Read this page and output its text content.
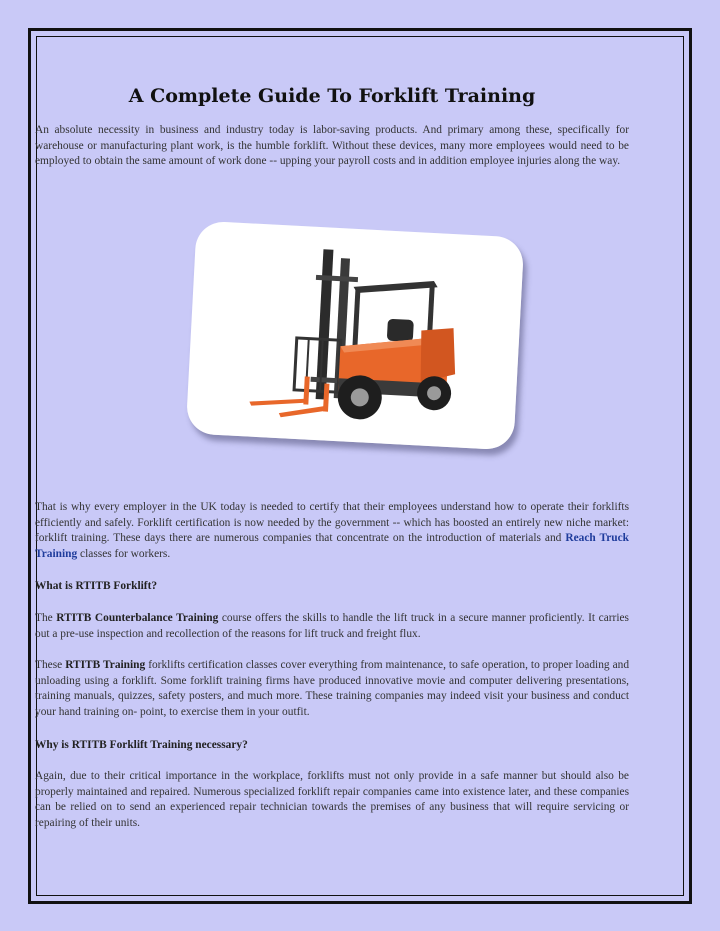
A Complete Guide To Forklift Training

An absolute necessity in business and industry today is labor-saving products. And primary among these, specifically for warehouse or manufacturing plant work, is the humble forklift. Without these devices, many more employees would need to be employed to obtain the same amount of work done -- upping your payroll costs and in addition employee injuries along the way.

That is why every employer in the UK today is needed to certify that their employees understand how to operate their forklifts efficiently and safely. Forklift certification is now needed by the government -- which has boosted an entirely new niche market: forklift training. These days there are numerous companies that concentrate on the introduction of materials and Reach Truck Training classes for workers.

What is RTITB Forklift?

The RTITB Counterbalance Training course offers the skills to handle the lift truck in a secure manner proficiently. It carries out a pre-use inspection and recollection of the reasons for lift truck and freight flux.

These RTITB Training forklifts certification classes cover everything from maintenance, to safe operation, to proper loading and unloading using a forklift. Some forklift training firms have produced innovative movie and computer delivering presentations, training manuals, quizzes, safety posters, and much more. These training companies may indeed visit your business and conduct your hand training on- point, to exercise them in your outfit.

Why is RTITB Forklift Training necessary?

Again, due to their critical importance in the workplace, forklifts must not only provide in a safe manner but should also be properly maintained and repaired. Numerous specialized forklift repair companies came into existence later, and these companies can be relied on to send an experienced repair technician towards the premises of any business that will require servicing or repairing of their units.
